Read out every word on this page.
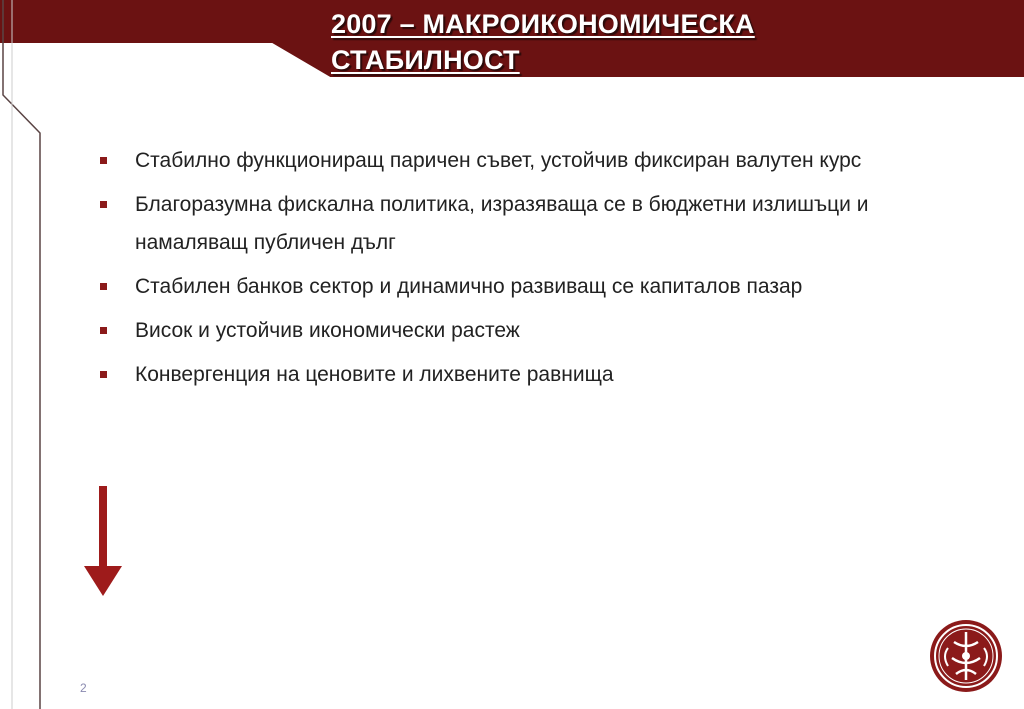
2007 – МАКРОИКОНОМИЧЕСКА
СТАБИЛНОСТ
Стабилно функциониращ паричен съвет, устойчив фиксиран валутен курс
Благоразумна фискална политика, изразяваща се в бюджетни излишъци и намаляващ публичен дълг
Стабилен банков сектор и динамично развиващ се капиталов пазар
Висок и устойчив икономически растеж
Конвергенция на ценовите и лихвените равнища
2
